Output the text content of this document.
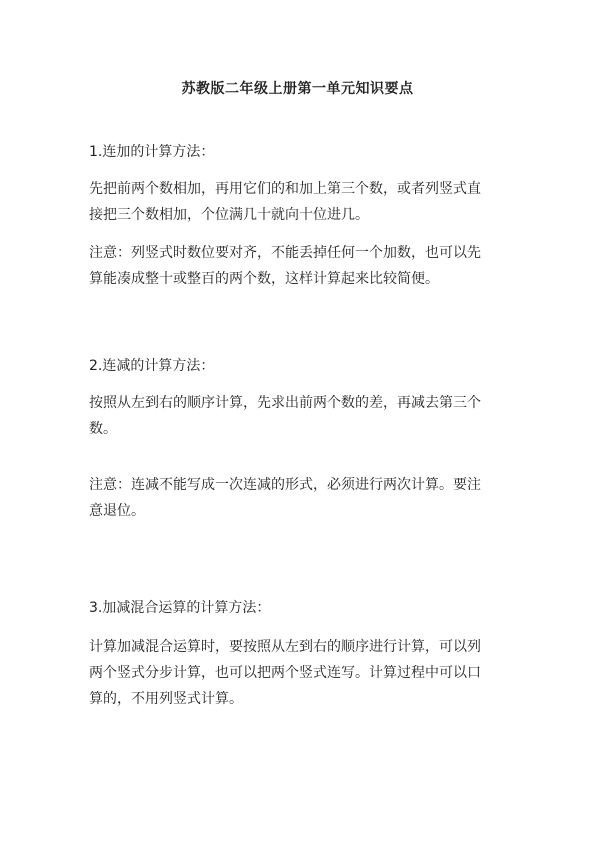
苏教版二年级上册第一单元知识要点
1.连加的计算方法：
先把前两个数相加，再用它们的和加上第三个数，或者列竖式直
接把三个数相加，个位满几十就向十位进几。
注意：列竖式时数位要对齐，不能丢掉任何一个加数，也可以先
算能凑成整十或整百的两个数，这样计算起来比较简便。
2.连减的计算方法：
按照从左到右的顺序计算，先求出前两个数的差，再减去第三个
数。
注意：连减不能写成一次连减的形式，必须进行两次计算。要注
意退位。
3.加减混合运算的计算方法：
计算加减混合运算时，要按照从左到右的顺序进行计算，可以列
两个竖式分步计算，也可以把两个竖式连写。计算过程中可以口
算的，不用列竖式计算。
